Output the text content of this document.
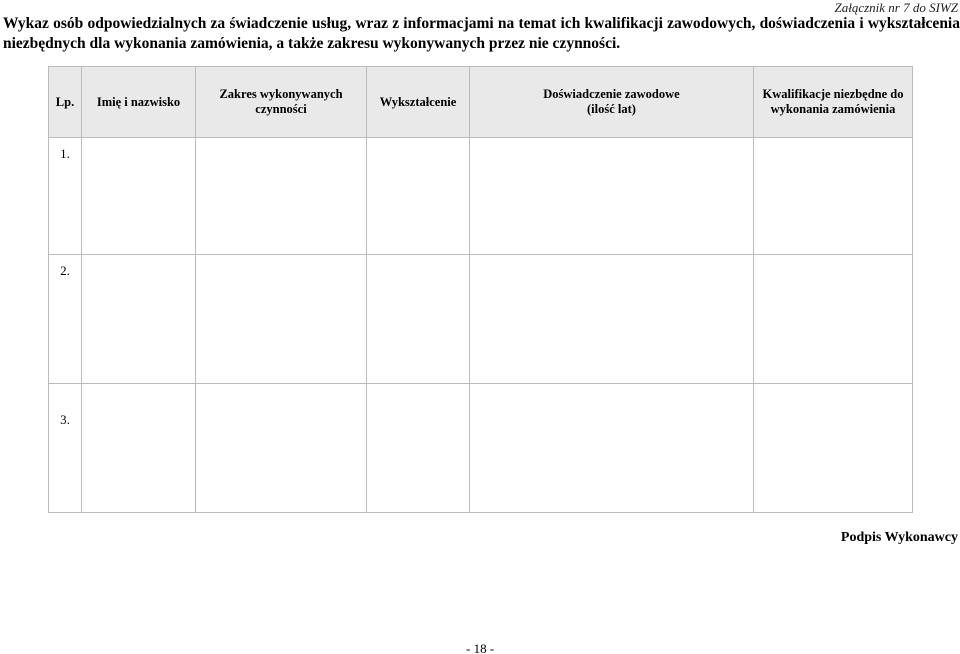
Załącznik nr 7 do SIWZ
Wykaz osób odpowiedzialnych za świadczenie usług, wraz z informacjami na temat ich kwalifikacji zawodowych, doświadczenia i wykształcenia niezbędnych dla wykonania zamówienia, a także zakresu wykonywanych przez nie czynności.
Lp.	Imię i nazwisko	Zakres wykonywanych czynności	Wykształcenie	Doświadczenie zawodowe (ilość lat)	Kwalifikacje niezbędne do wykonania zamówienia
1.					
2.					
3.					
Podpis Wykonawcy
- 18 -
